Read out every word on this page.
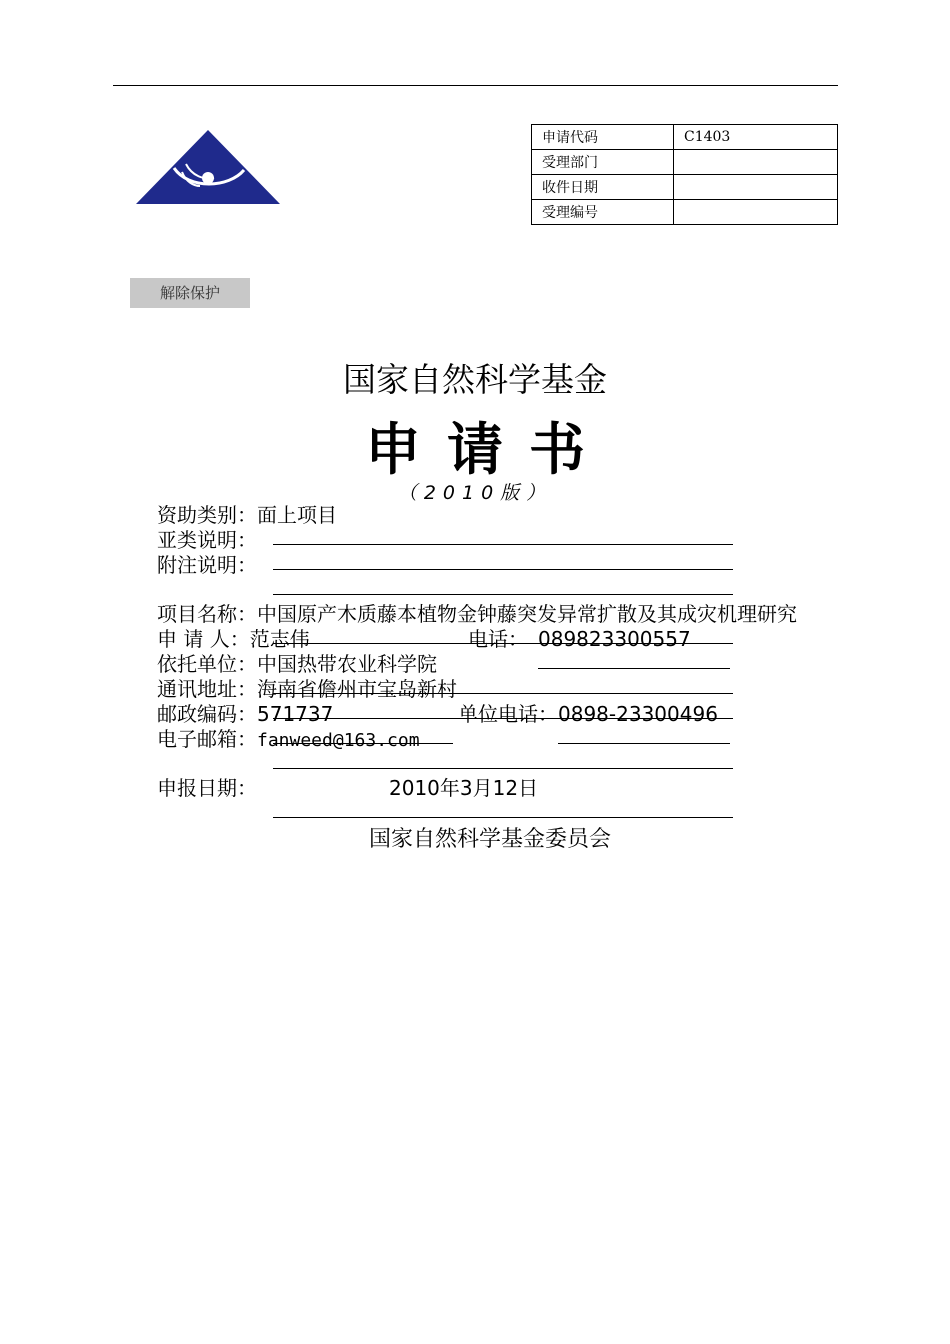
申请代码	C1403
受理部门	
收件日期	
受理编号	
解除保护
国家自然科学基金
申请书
（2010版）
资助类别：面上项目
亚类说明：
附注说明：
项目名称：中国原产木质藤本植物金钟藤突发异常扩散及其成灾机理研究
申 请 人：范志伟	电话： 089823300557
依托单位：中国热带农业科学院
通讯地址：海南省儋州市宝岛新村
邮政编码：571737	单位电话：0898-23300496
电子邮箱：fanweed@163.com
申报日期：	2010年3月12日
国家自然科学基金委员会
